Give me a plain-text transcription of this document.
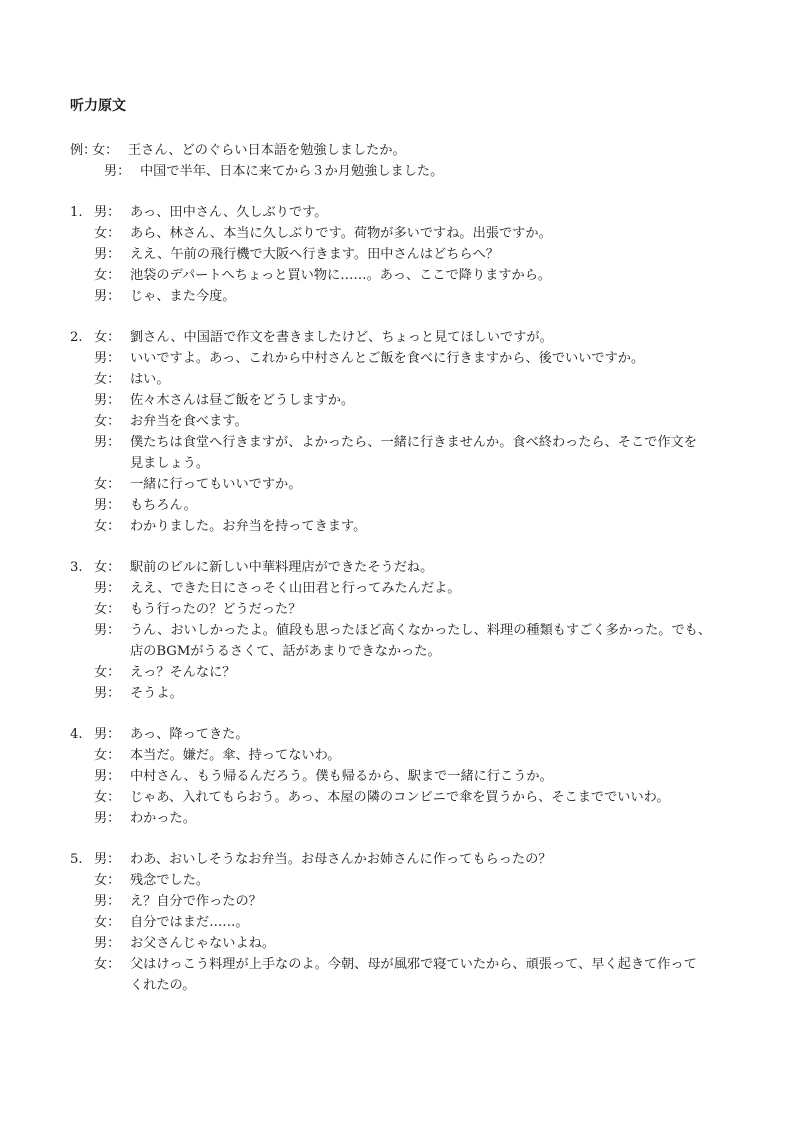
听力原文
例：
女： 王さん、どのぐらい日本語を勉強しましたか。
男： 中国で半年、日本に来てから３か月勉強しました。
1. 男： あっ、田中さん、久しぶりです。
女： あら、林さん、本当に久しぶりです。荷物が多いですね。出張ですか。
男： ええ、午前の飛行機で大阪へ行きます。田中さんはどちらへ？
女： 池袋のデパートへちょっと買い物に……。あっ、ここで降りますから。
男： じゃ、また今度。
2. 女： 劉さん、中国語で作文を書きましたけど、ちょっと見てほしいですが。
男： いいですよ。あっ、これから中村さんとご飯を食べに行きますから、後でいいですか。
女： はい。
男： 佐々木さんは昼ご飯をどうしますか。
女： お弁当を食べます。
男： 僕たちは食堂へ行きますが、よかったら、一緒に行きませんか。食べ終わったら、そこで作文を
見ましょう。
女： 一緒に行ってもいいですか。
男： もちろん。
女： わかりました。お弁当を持ってきます。
3. 女： 駅前のビルに新しい中華料理店ができたそうだね。
男： ええ、できた日にさっそく山田君と行ってみたんだよ。
女： もう行ったの？どうだった？
男： うん、おいしかったよ。値段も思ったほど高くなかったし、料理の種類もすごく多かった。でも、
店のBGMがうるさくて、話があまりできなかった。
女： えっ？そんなに？
男： そうよ。
4. 男： あっ、降ってきた。
女： 本当だ。嫌だ。傘、持ってないわ。
男： 中村さん、もう帰るんだろう。僕も帰るから、駅まで一緒に行こうか。
女： じゃあ、入れてもらおう。あっ、本屋の隣のコンビニで傘を買うから、そこまででいいわ。
男： わかった。
5. 男： わあ、おいしそうなお弁当。お母さんかお姉さんに作ってもらったの？
女： 残念でした。
男： え？自分で作ったの？
女： 自分ではまだ……。
男： お父さんじゃないよね。
女： 父はけっこう料理が上手なのよ。今朝、母が風邪で寝ていたから、頑張って、早く起きて作って
くれたの。
